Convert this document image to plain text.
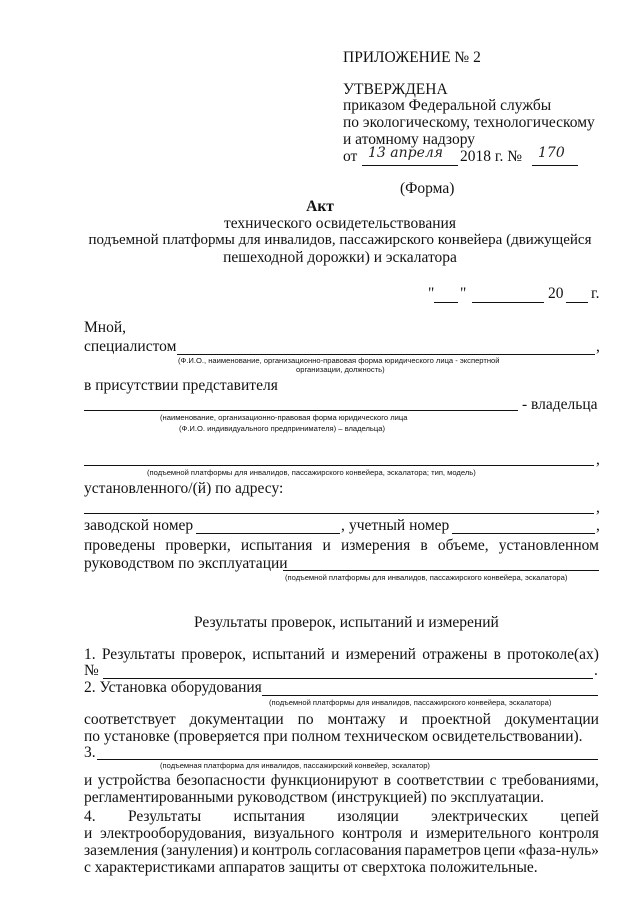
ПРИЛОЖЕНИЕ № 2
УТВЕРЖДЕНА
приказом Федеральной службы
по экологическому, технологическому
и атомному надзору
от 13 апреля 2018 г. № 170
(Форма)
Акт
технического освидетельствования
подъемной платформы для инвалидов, пассажирского конвейера (движущейся
пешеходной дорожки) и эскалатора
" "	20 г.
Мной,
специалистом	,
(Ф.И.О., наименование, организационно-правовая форма юридического лица - экспертной
организации, должность)
в присутствии представителя
- владельца
(наименование, организационно-правовая форма юридического лица
(Ф.И.О. индивидуального предпринимателя) – владельца)
,
(подъемной платформы для инвалидов, пассажирского конвейера, эскалатора; тип, модель)
установленного/(й) по адресу:
,
заводской номер	, учетный номер	,
проведены проверки, испытания и измерения в объеме, установленном
руководством по эксплуатации
(подъемной платформы для инвалидов, пассажирского конвейера, эскалатора)
Результаты проверок, испытаний и измерений
1. Результаты проверок, испытаний и измерений отражены в протоколе(ах)
№	.
2. Установка оборудования
(подъемной платформы для инвалидов, пассажирского конвейера, эскалатора)
соответствует документации по монтажу и проектной документации
по установке (проверяется при полном техническом освидетельствовании).
3.
(подъемная платформа для инвалидов, пассажирский конвейер, эскалатор)
и устройства безопасности функционируют в соответствии с требованиями,
регламентированными руководством (инструкцией) по эксплуатации.
4. Результаты испытания изоляции электрических цепей
и электрооборудования, визуального контроля и измерительного контроля
заземления (зануления) и контроль согласования параметров цепи «фаза-нуль»
с характеристиками аппаратов защиты от сверхтока положительные.
